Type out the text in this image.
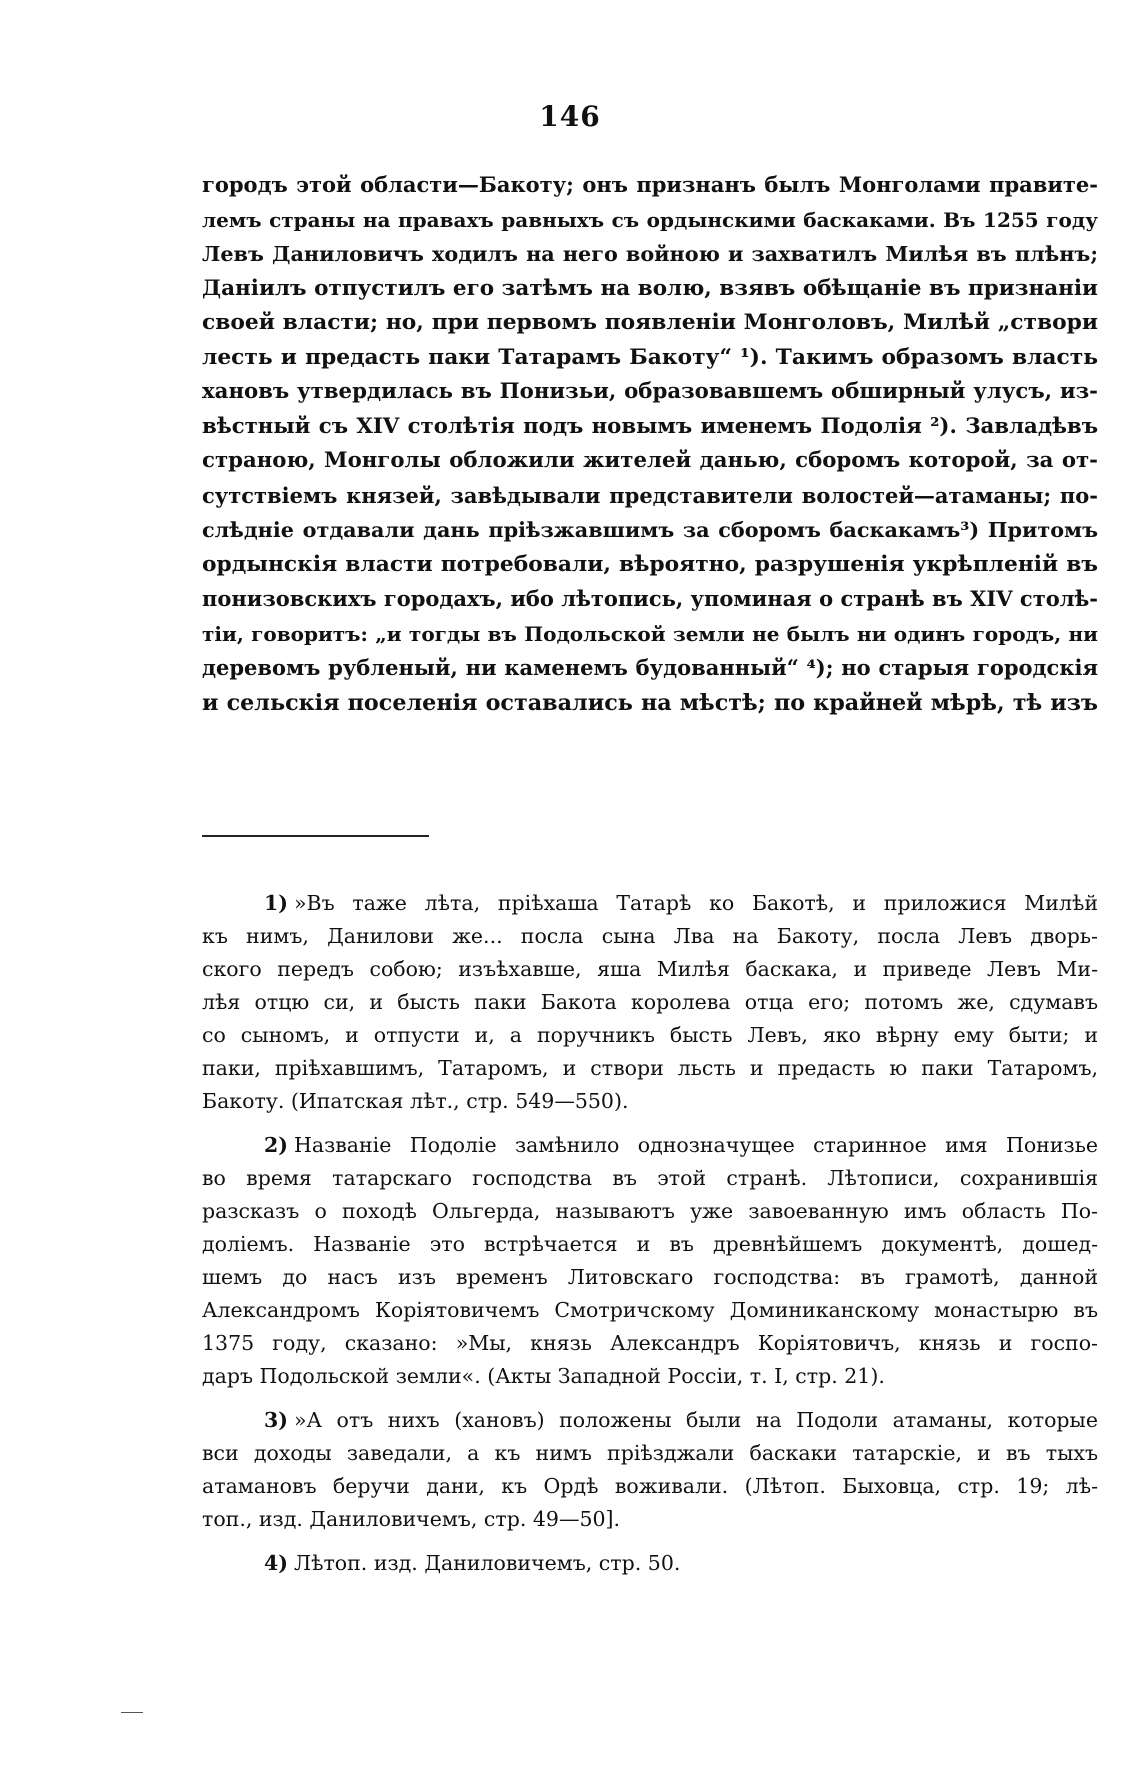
146
городъ этой области—Бакоту; онъ признанъ былъ Монголами правите-
лемъ страны на правахъ равныхъ съ ордынскими баскаками. Въ 1255 году
Левъ Даниловичъ ходилъ на него войною и захватилъ Милѣя въ плѣнъ;
Даніилъ отпустилъ его затѣмъ на волю, взявъ обѣщаніе въ признаніи
своей власти; но, при первомъ появленіи Монголовъ, Милѣй „створи
лесть и предасть паки Татарамъ Бакоту“ ¹). Такимъ образомъ власть
хановъ утвердилась въ Понизьи, образовавшемъ обширный улусъ, из-
вѣстный съ XIV столѣтія подъ новымъ именемъ Подолія ²). Завладѣвъ
страною, Монголы обложили жителей данью, сборомъ которой, за от-
сутствіемъ князей, завѣдывали представители волостей—атаманы; по-
слѣдніе отдавали дань пріѣзжавшимъ за сборомъ баскакамъ³) Притомъ
ордынскія власти потребовали, вѣроятно, разрушенія укрѣпленій въ
понизовскихъ городахъ, ибо лѣтопись, упоминая о странѣ въ XIV столѣ-
тіи, говоритъ: „и тогды въ Подольской земли не былъ ни одинъ городъ, ни
деревомъ рубленый, ни каменемъ будованный“ ⁴); но старыя городскія
и сельскія поселенія оставались на мѣстѣ; по крайней мѣрѣ, тѣ изъ
1) »Въ таже лѣта, пріѣхаша Татарѣ ко Бакотѣ, и приложися Милѣй
къ нимъ, Данилови же... посла сына Лва на Бакоту, посла Левъ дворь-
ского передъ собою; изъѣхавше, яша Милѣя баскака, и приведе Левъ Ми-
лѣя отцю си, и бысть паки Бакота королева отца его; потомъ же, сдумавъ
со сыномъ, и отпусти и, а поручникъ бысть Левъ, яко вѣрну ему быти; и
паки, пріѣхавшимъ, Татаромъ, и створи льсть и предасть ю паки Татаромъ,
Бакоту. (Ипатская лѣт., стр. 549—550).
2) Названіе Подоліе замѣнило однозначущее старинное имя Понизье
во время татарскаго господства въ этой странѣ. Лѣтописи, сохранившія
разсказъ о походѣ Ольгерда, называютъ уже завоеванную имъ область По-
доліемъ. Названіе это встрѣчается и въ древнѣйшемъ документѣ, дошед-
шемъ до насъ изъ временъ Литовскаго господства: въ грамотѣ, данной
Александромъ Коріятовичемъ Смотричскому Доминиканскому монастырю въ
1375 году, сказано: »Мы, князь Александръ Коріятовичъ, князь и госпо-
даръ Подольской земли«. (Акты Западной Россіи, т. I, стр. 21).
3) »А отъ нихъ (хановъ) положены были на Подоли атаманы, которые
вси доходы заведали, а къ нимъ пріѣзджали баскаки татарскіе, и въ тыхъ
атамановъ беручи дани, къ Ордѣ воживали. (Лѣтоп. Быховца, стр. 19; лѣ-
топ., изд. Даниловичемъ, стр. 49—50].
4) Лѣтоп. изд. Даниловичемъ, стр. 50.
